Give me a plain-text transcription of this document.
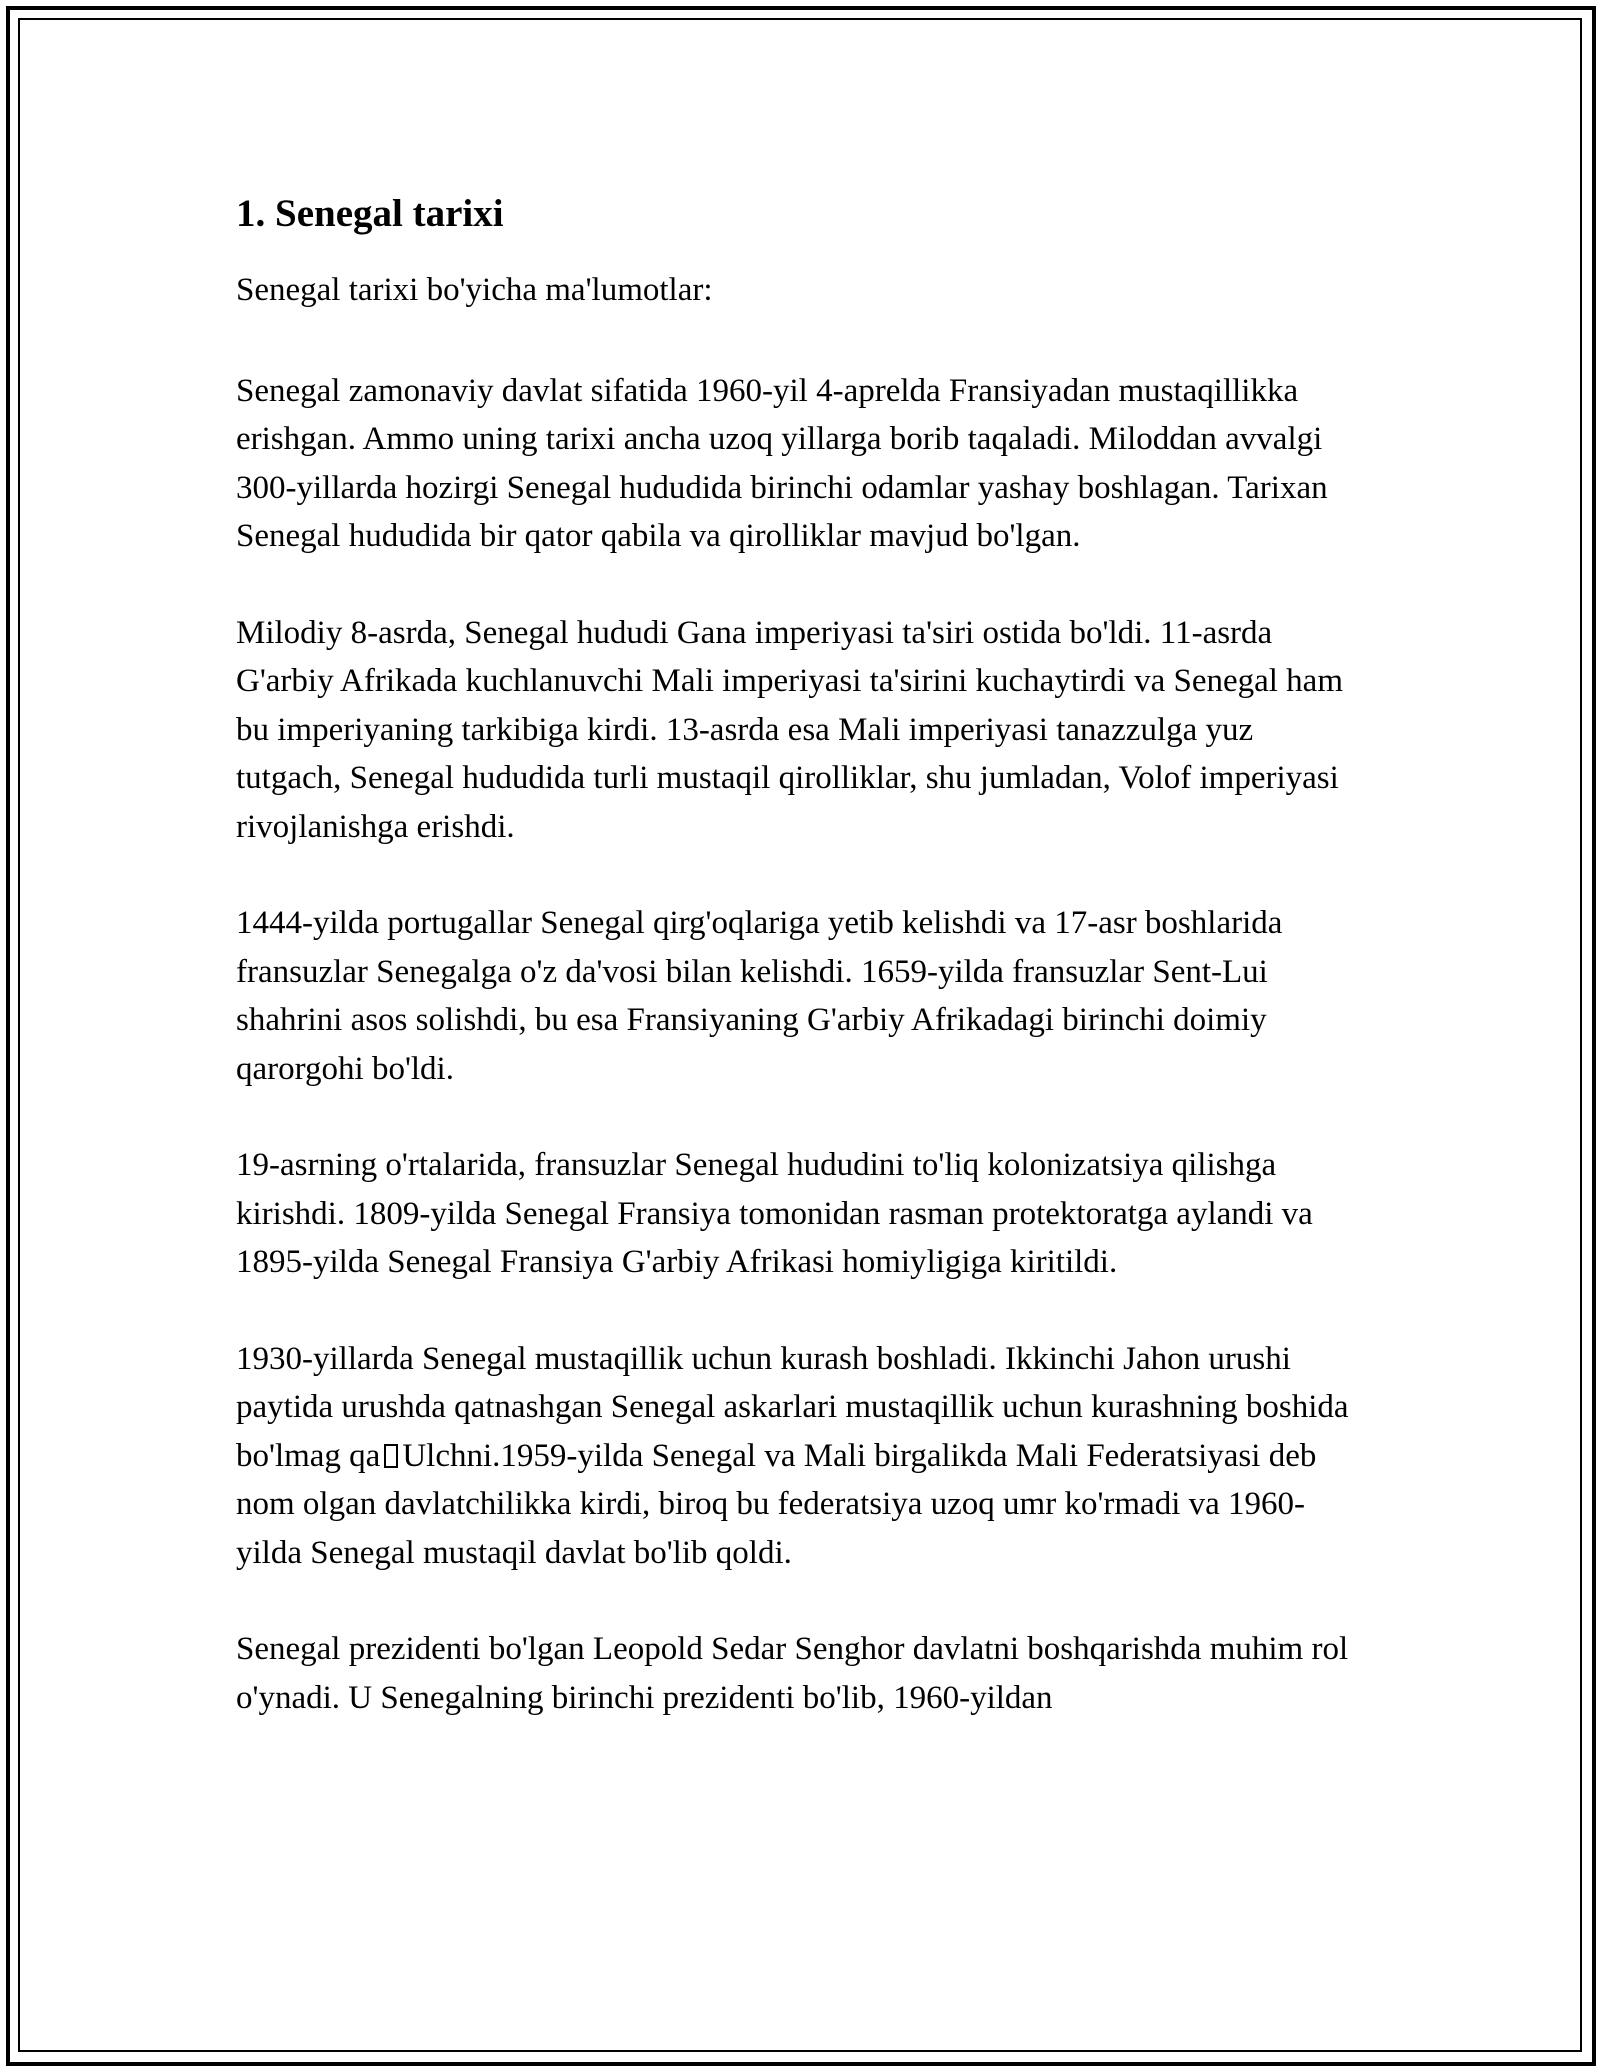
1. Senegal tarixi

Senegal tarixi bo'yicha ma'lumotlar:

Senegal zamonaviy davlat sifatida 1960-yil 4-aprelda Fransiyadan mustaqillikka erishgan. Ammo uning tarixi ancha uzoq yillarga borib taqaladi. Miloddan avvalgi 300-yillarda hozirgi Senegal hududida birinchi odamlar yashay boshlagan. Tarixan Senegal hududida bir qator qabila va qirolliklar mavjud bo'lgan.

Milodiy 8-asrda, Senegal hududi Gana imperiyasi ta'siri ostida bo'ldi. 11-asrda G'arbiy Afrikada kuchlanuvchi Mali imperiyasi ta'sirini kuchaytirdi va Senegal ham bu imperiyaning tarkibiga kirdi. 13-asrda esa Mali imperiyasi tanazzulga yuz tutgach, Senegal hududida turli mustaqil qirolliklar, shu jumladan, Volof imperiyasi rivojlanishga erishdi.

1444-yilda portugallar Senegal qirg'oqlariga yetib kelishdi va 17-asr boshlarida fransuzlar Senegalga o'z da'vosi bilan kelishdi. 1659-yilda fransuzlar Sent-Lui shahrini asos solishdi, bu esa Fransiyaning G'arbiy Afrikadagi birinchi doimiy qarorgohi bo'ldi.

19-asrning o'rtalarida, fransuzlar Senegal hududini to'liq kolonizatsiya qilishga kirishdi. 1809-yilda Senegal Fransiya tomonidan rasman protektoratga aylandi va 1895-yilda Senegal Fransiya G'arbiy Afrikasi homiyligiga kiritildi.

1930-yillarda Senegal mustaqillik uchun kurash boshladi. Ikkinchi Jahon urushi paytida urushda qatnashgan Senegal askarlari mustaqillik uchun kurashning boshida bo'lmag qa Ulchni.1959-yilda Senegal va Mali birgalikda Mali Federatsiyasi deb nom olgan davlatchilikka kirdi, biroq bu federatsiya uzoq umr ko'rmadi va 1960-yilda Senegal mustaqil davlat bo'lib qoldi.

Senegal prezidenti bo'lgan Leopold Sedar Senghor davlatni boshqarishda muhim rol o'ynadi. U Senegalning birinchi prezidenti bo'lib, 1960-yildan
